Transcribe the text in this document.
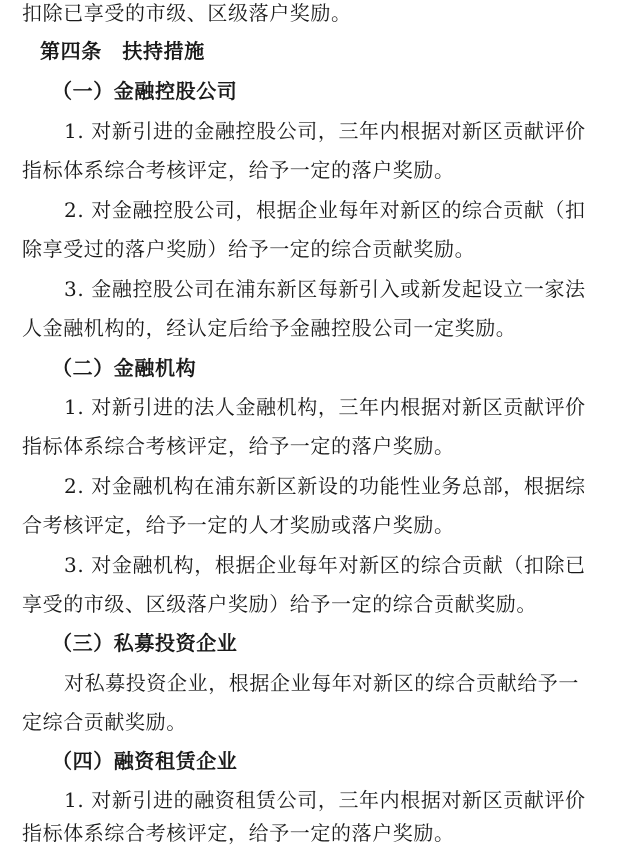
扣除已享受的市级、区级落户奖励。
第四条　扶持措施
（一）金融控股公司
1. 对新引进的金融控股公司，三年内根据对新区贡献评价
指标体系综合考核评定，给予一定的落户奖励。
2. 对金融控股公司，根据企业每年对新区的综合贡献（扣
除享受过的落户奖励）给予一定的综合贡献奖励。
3. 金融控股公司在浦东新区每新引入或新发起设立一家法
人金融机构的，经认定后给予金融控股公司一定奖励。
（二）金融机构
1. 对新引进的法人金融机构，三年内根据对新区贡献评价
指标体系综合考核评定，给予一定的落户奖励。
2. 对金融机构在浦东新区新设的功能性业务总部，根据综
合考核评定，给予一定的人才奖励或落户奖励。
3. 对金融机构，根据企业每年对新区的综合贡献（扣除已
享受的市级、区级落户奖励）给予一定的综合贡献奖励。
（三）私募投资企业
对私募投资企业，根据企业每年对新区的综合贡献给予一
定综合贡献奖励。
（四）融资租赁企业
1. 对新引进的融资租赁公司，三年内根据对新区贡献评价
指标体系综合考核评定，给予一定的落户奖励。
